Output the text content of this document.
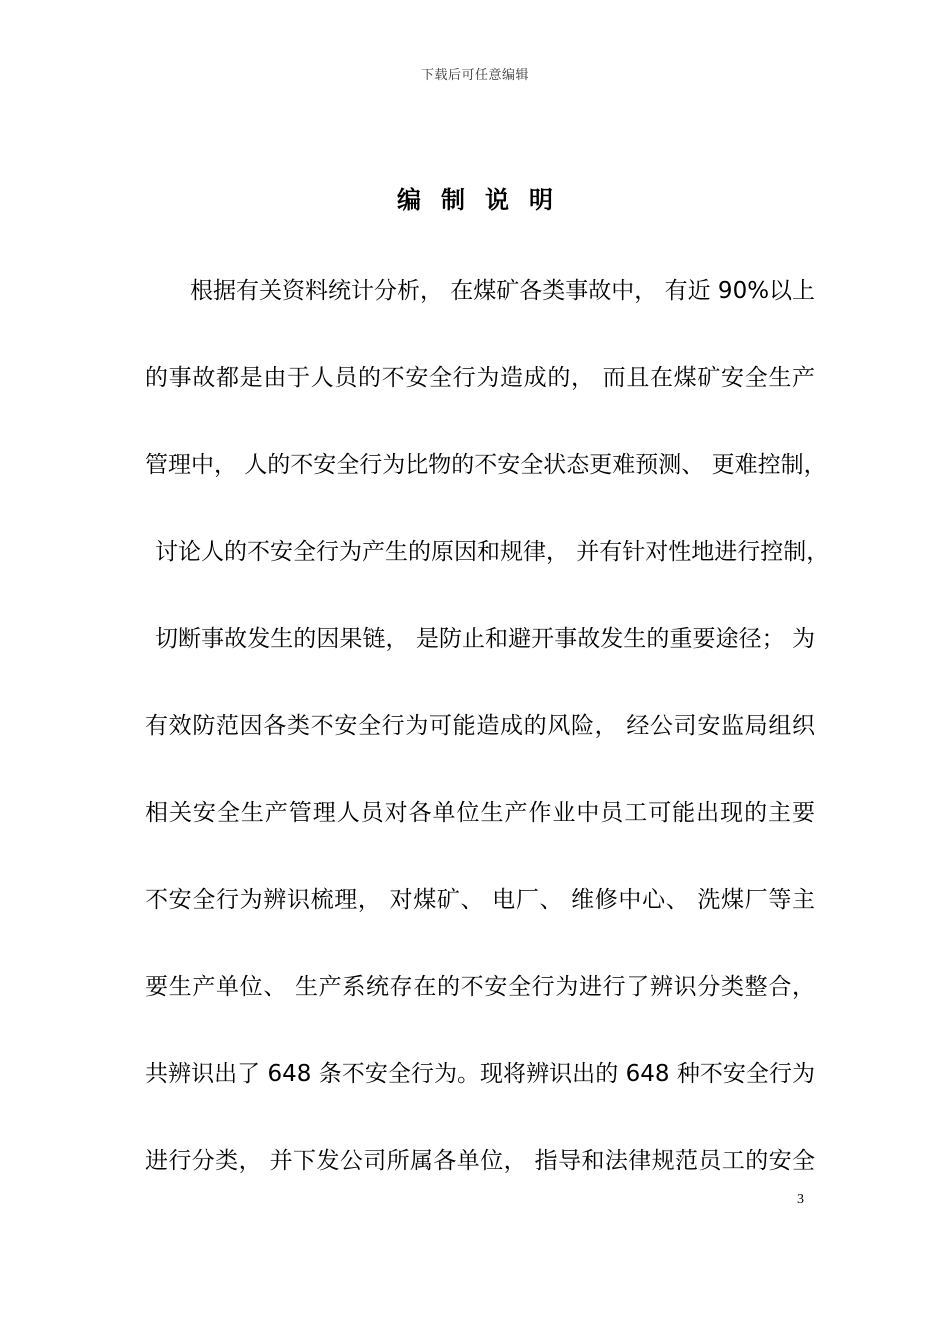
下载后可任意编辑
编制说明
根据有关资料统计分析， 在煤矿各类事故中， 有近 90%以上
的事故都是由于人员的不安全行为造成的， 而且在煤矿安全生产
管理中， 人的不安全行为比物的不安全状态更难预测、 更难控制，
讨论人的不安全行为产生的原因和规律， 并有针对性地进行控制，
切断事故发生的因果链， 是防止和避开事故发生的重要途径； 为
有效防范因各类不安全行为可能造成的风险， 经公司安监局组织
相关安全生产管理人员对各单位生产作业中员工可能出现的主要
不安全行为辨识梳理， 对煤矿、 电厂、 维修中心、 洗煤厂等主
要生产单位、 生产系统存在的不安全行为进行了辨识分类整合，
共辨识出了 648 条不安全行为。现将辨识出的 648 种不安全行为
进行分类， 并下发公司所属各单位， 指导和法律规范员工的安全
3
